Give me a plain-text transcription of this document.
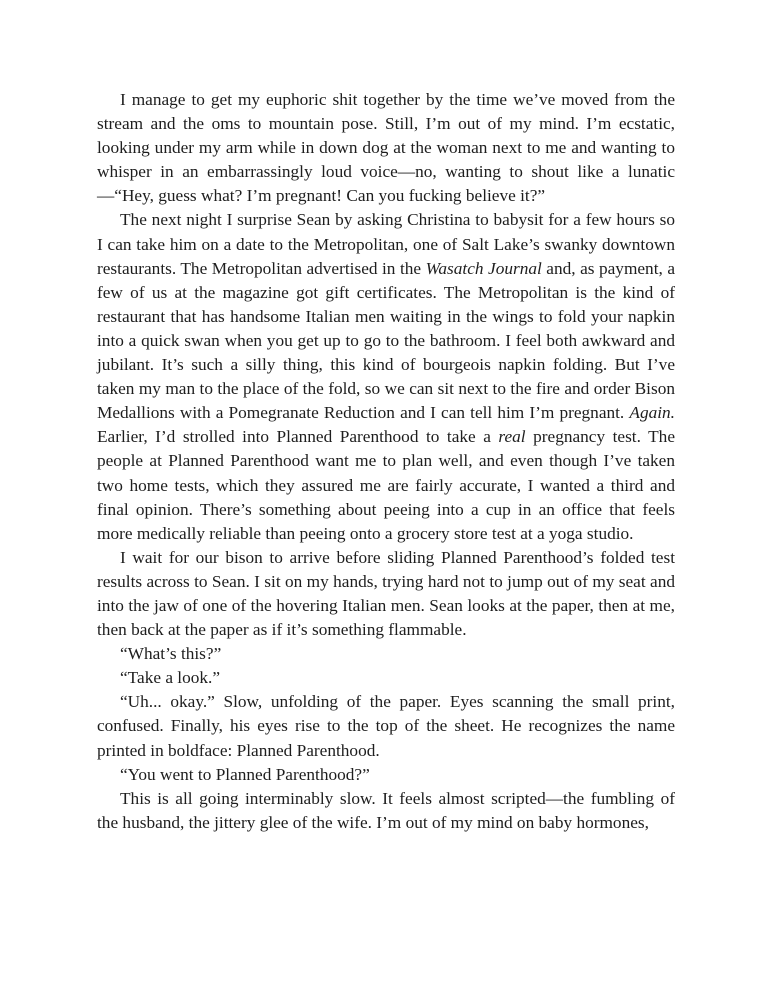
I manage to get my euphoric shit together by the time we’ve moved from the stream and the oms to mountain pose. Still, I’m out of my mind. I’m ecstatic, looking under my arm while in down dog at the woman next to me and wanting to whisper in an embarrassingly loud voice—no, wanting to shout like a lunatic —“Hey, guess what? I’m pregnant! Can you fucking believe it?”

The next night I surprise Sean by asking Christina to babysit for a few hours so I can take him on a date to the Metropolitan, one of Salt Lake’s swanky downtown restaurants. The Metropolitan advertised in the Wasatch Journal and, as payment, a few of us at the magazine got gift certificates. The Metropolitan is the kind of restaurant that has handsome Italian men waiting in the wings to fold your napkin into a quick swan when you get up to go to the bathroom. I feel both awkward and jubilant. It’s such a silly thing, this kind of bourgeois napkin folding. But I’ve taken my man to the place of the fold, so we can sit next to the fire and order Bison Medallions with a Pomegranate Reduction and I can tell him I’m pregnant. Again. Earlier, I’d strolled into Planned Parenthood to take a real pregnancy test. The people at Planned Parenthood want me to plan well, and even though I’ve taken two home tests, which they assured me are fairly accurate, I wanted a third and final opinion. There’s something about peeing into a cup in an office that feels more medically reliable than peeing onto a grocery store test at a yoga studio.

I wait for our bison to arrive before sliding Planned Parenthood’s folded test results across to Sean. I sit on my hands, trying hard not to jump out of my seat and into the jaw of one of the hovering Italian men. Sean looks at the paper, then at me, then back at the paper as if it’s something flammable.

“What’s this?”

“Take a look.”

“Uh... okay.” Slow, unfolding of the paper. Eyes scanning the small print, confused. Finally, his eyes rise to the top of the sheet. He recognizes the name printed in boldface: Planned Parenthood.

“You went to Planned Parenthood?”

This is all going interminably slow. It feels almost scripted—the fumbling of the husband, the jittery glee of the wife. I’m out of my mind on baby hormones,
